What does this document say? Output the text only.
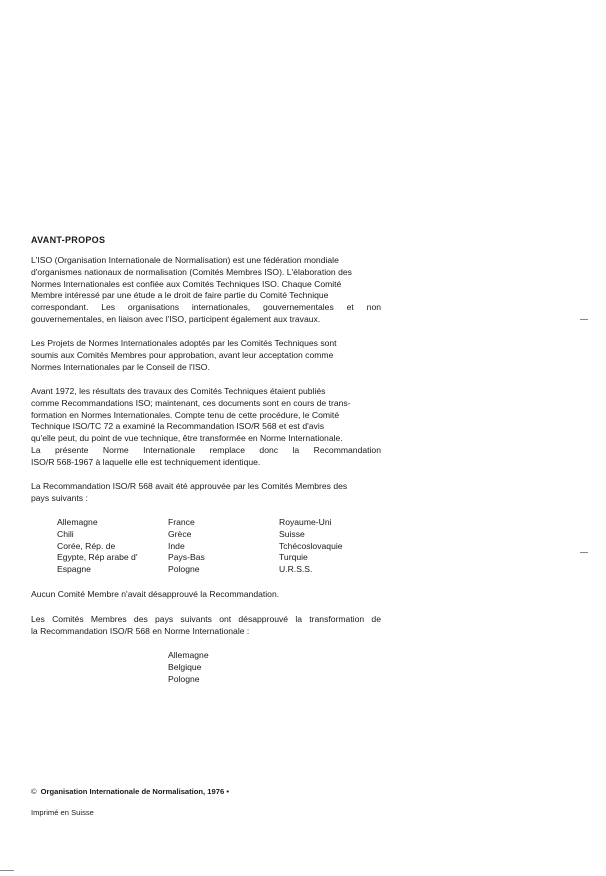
AVANT-PROPOS
L'ISO (Organisation Internationale de Normalisation) est une fédération mondiale
d'organismes nationaux de normalisation (Comités Membres ISO). L'élaboration des
Normes Internationales est confiée aux Comités Techniques ISO. Chaque Comité
Membre intéressé par une étude a le droit de faire partie du Comité Technique
correspondant. Les organisations internationales, gouvernementales et non
gouvernementales, en liaison avec l'ISO, participent également aux travaux.
Les Projets de Normes Internationales adoptés par les Comités Techniques sont
soumis aux Comités Membres pour approbation, avant leur acceptation comme
Normes Internationales par le Conseil de l'ISO.
Avant 1972, les résultats des travaux des Comités Techniques étaient publiés
comme Recommandations ISO; maintenant, ces documents sont en cours de trans-
formation en Normes Internationales. Compte tenu de cette procédure, le Comité
Technique ISO/TC 72 a examiné la Recommandation ISO/R 568 et est d'avis
qu'elle peut, du point de vue technique, être transformée en Norme Internationale.
La présente Norme Internationale remplace donc la Recommandation
ISO/R 568-1967 à laquelle elle est techniquement identique.
La Recommandation ISO/R 568 avait été approuvée par les Comités Membres des
pays suivants :
Allemagne
Chili
Corée, Rép. de
Egypte, Rép arabe d'
Espagne
France
Grèce
Inde
Pays-Bas
Pologne
Royaume-Uni
Suisse
Tchécoslovaquie
Turquie
U.R.S.S.
Aucun Comité Membre n'avait désapprouvé la Recommandation.
Les Comités Membres des pays suivants ont désapprouvé la transformation de
la Recommandation ISO/R 568 en Norme Internationale :
Allemagne
Belgique
Pologne
© Organisation Internationale de Normalisation, 1976 •
Imprimé en Suisse
